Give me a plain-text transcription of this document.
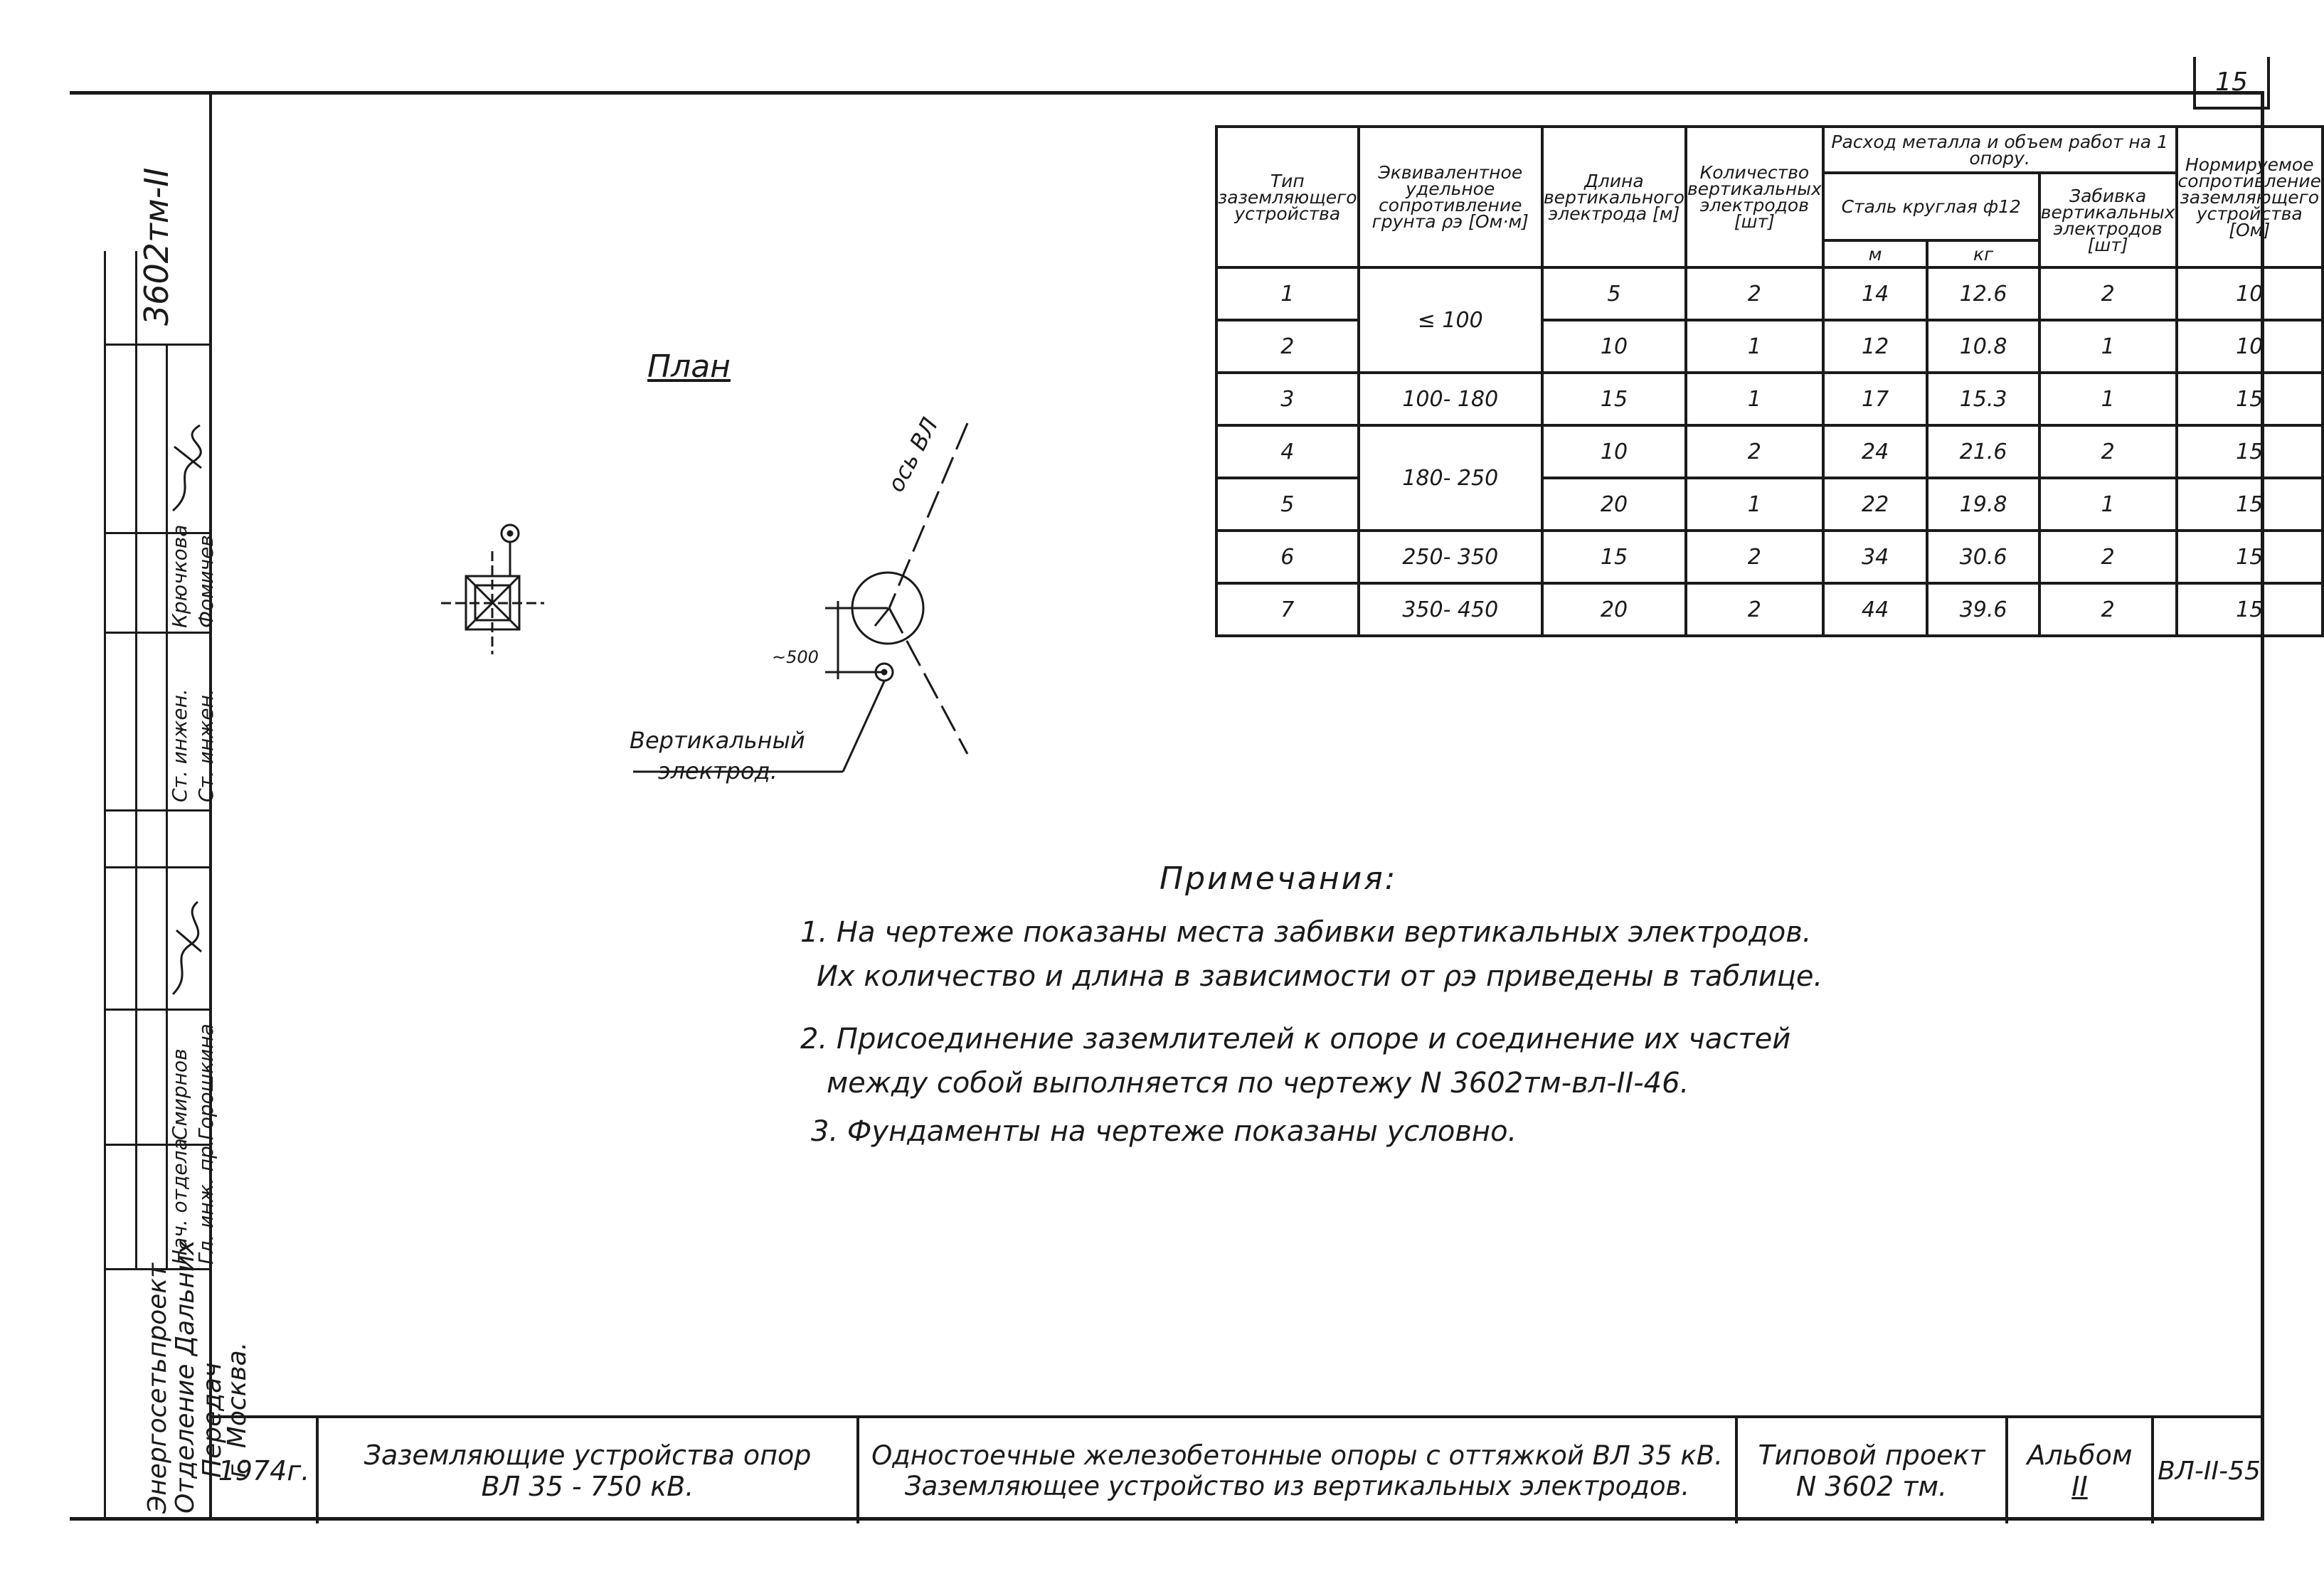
15
3602тм-II
Нач. отдела Гл. инж. пр.
Ст. инжен. Ст. инжен.
Смирнов Горошкина
Крючкова Фомичев
Энергосетьпроект
Отделение Дальних
Передач
г. Москва.
План
ось ВЛ
~500
Вертикальный
электрод.
Тип заземляющего устройства	Эквивалентное удельное сопротивление грунта ρэ [Ом·м]	Длина вертикального электрода [м]	Количество вертикальных электродов [шт]	Расход металла и объем работ на 1 опору.			Нормируемое сопротивление заземляющего устройства [Ом]
				Сталь круглая ф12		Забивка вертикальных электродов [шт]	
				м	кг		
1	≤ 100	5	2	14	12.6	2	10
2		10	1	12	10.8	1	10
3	100- 180	15	1	17	15.3	1	15
4	180- 250	10	2	24	21.6	2	15
5		20	1	22	19.8	1	15
6	250- 350	15	2	34	30.6	2	15
7	350- 450	20	2	44	39.6	2	15
Примечания:
1. На чертеже показаны места забивки вертикальных электродов.
Их количество и длина в зависимости от ρэ приведены в таблице.
2. Присоединение заземлителей к опоре и соединение их частей
между собой выполняется по чертежу N 3602тм-вл-II-46.
3. Фундаменты на чертеже показаны условно.
1974г. Заземляющие устройства опор
ВЛ 35 - 750 кВ.
Одностоечные железобетонные опоры с оттяжкой ВЛ 35 кВ.
Заземляющее устройство из вертикальных электродов.
Типовой проект
N 3602 тм.
Альбом
II	ВЛ-II-55
